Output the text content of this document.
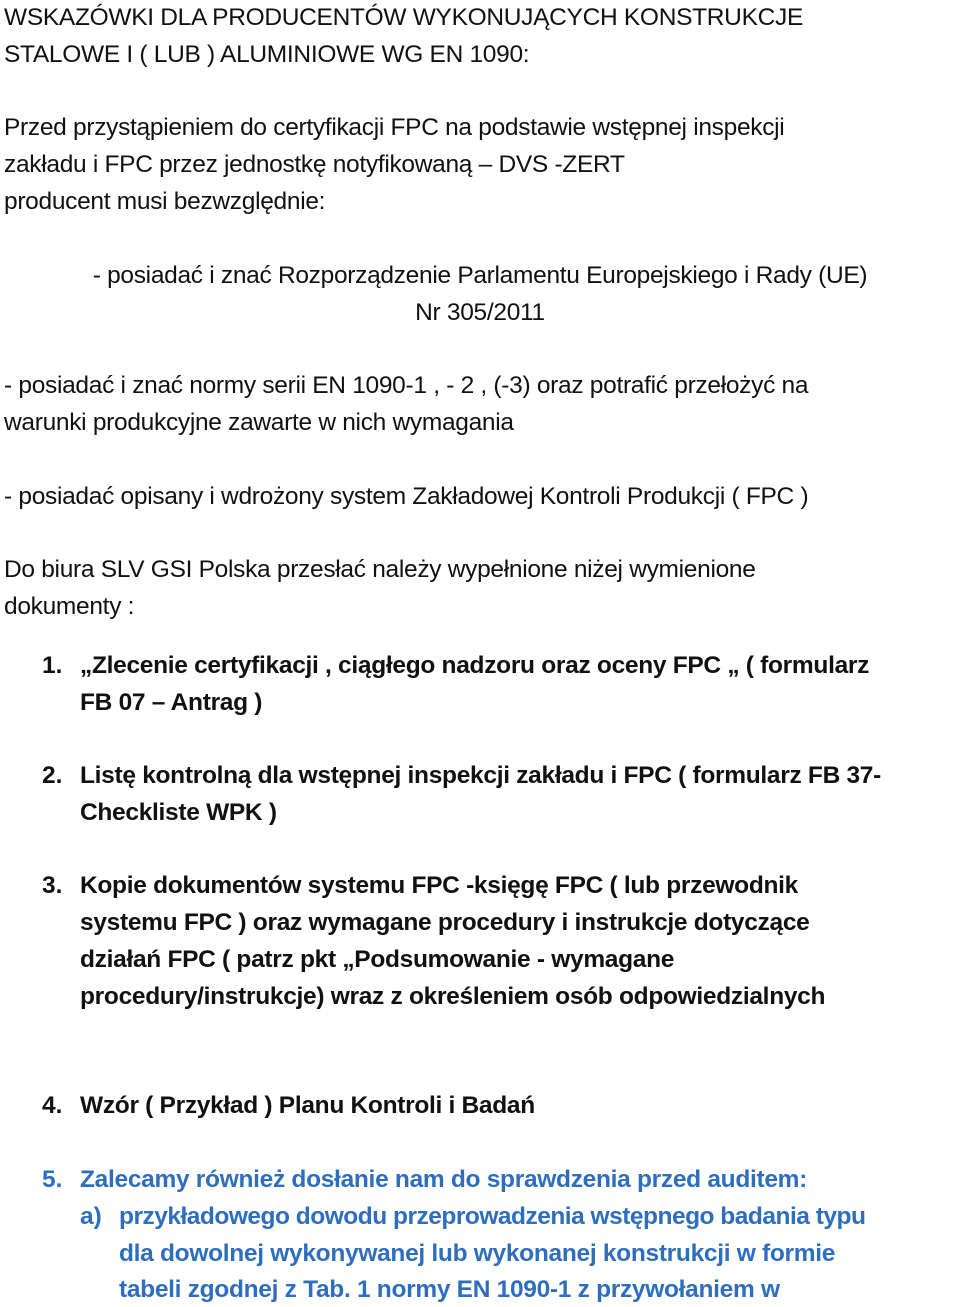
WSKAZÓWKI DLA PRODUCENTÓW WYKONUJĄCYCH KONSTRUKCJE
STALOWE I ( LUB ) ALUMINIOWE WG EN 1090:
Przed przystąpieniem do certyfikacji FPC na podstawie wstępnej inspekcji
zakładu i FPC przez jednostkę notyfikowaną – DVS -ZERT
producent musi bezwzględnie:
- posiadać i znać Rozporządzenie Parlamentu Europejskiego i Rady (UE)
Nr 305/2011
- posiadać i znać normy serii EN 1090-1 , - 2 , (-3) oraz potrafić przełożyć na
warunki produkcyjne zawarte w nich wymagania
- posiadać opisany i wdrożony system Zakładowej Kontroli Produkcji ( FPC )
Do biura SLV GSI Polska przesłać należy wypełnione niżej wymienione
dokumenty :
1. „Zlecenie certyfikacji , ciągłego nadzoru oraz oceny FPC „ ( formularz
FB 07 – Antrag )
2. Listę kontrolną dla wstępnej inspekcji zakładu i FPC ( formularz FB 37-
Checkliste WPK )
3. Kopie dokumentów systemu FPC -księgę FPC ( lub przewodnik
systemu FPC ) oraz wymagane procedury i instrukcje dotyczące
działań FPC ( patrz pkt „Podsumowanie - wymagane
procedury/instrukcje) wraz z określeniem osób odpowiedzialnych
4. Wzór ( Przykład ) Planu Kontroli i Badań
5. Zalecamy również dosłanie nam do sprawdzenia przed auditem:
a) przykładowego dowodu przeprowadzenia wstępnego badania typu
dla dowolnej wykonywanej lub wykonanej konstrukcji w formie
tabeli zgodnej z Tab. 1 normy EN 1090-1 z przywołaniem w
